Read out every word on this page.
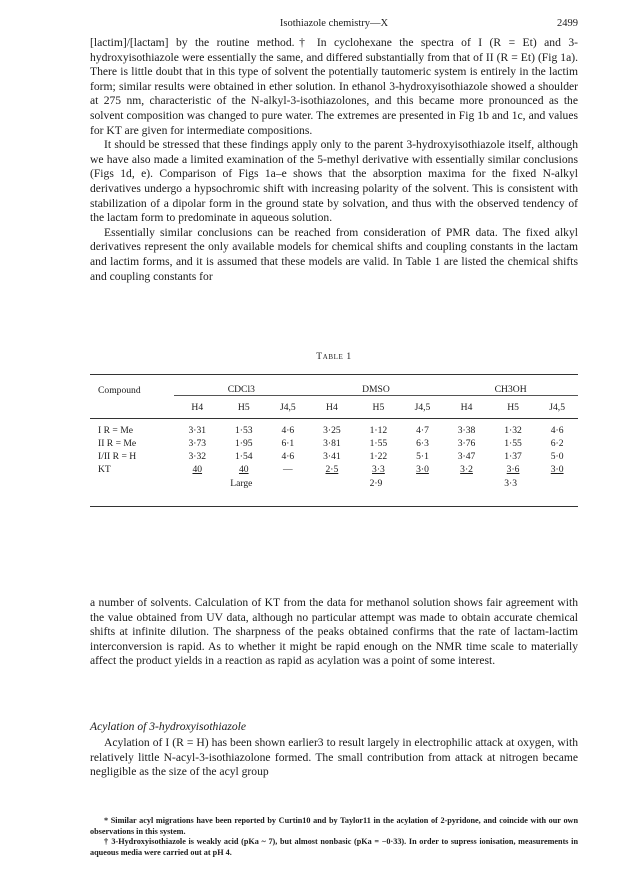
Isothiazole chemistry—X	2499

[lactim]/[lactam] by the routine method.† In cyclohexane the spectra of I (R = Et) and 3-hydroxyisothiazole were essentially the same, and differed substantially from that of II (R = Et) (Fig 1a). There is little doubt that in this type of solvent the potentially tautomeric system is entirely in the lactim form; similar results were obtained in ether solution. In ethanol 3-hydroxyisothiazole showed a shoulder at 275 nm, characteristic of the N-alkyl-3-isothiazolones, and this became more pronounced as the solvent composition was changed to pure water. The extremes are presented in Fig 1b and 1c, and values for KT are given for intermediate compositions.

It should be stressed that these findings apply only to the parent 3-hydroxyisothiazole itself, although we have also made a limited examination of the 5-methyl derivative with essentially similar conclusions (Figs 1d, e). Comparison of Figs 1a–e shows that the absorption maxima for the fixed N-alkyl derivatives undergo a hypsochromic shift with increasing polarity of the solvent. This is consistent with stabilization of a dipolar form in the ground state by solvation, and thus with the observed tendency of the lactam form to predominate in aqueous solution.

Essentially similar conclusions can be reached from consideration of PMR data. The fixed alkyl derivatives represent the only available models for chemical shifts and coupling constants in the lactam and lactim forms, and it is assumed that these models are valid. In Table 1 are listed the chemical shifts and coupling constants for

Table 1
Compound	CDCl3			DMSO			CH3OH		

	H4	H5	J4,5	H4	H5	J4,5	H4	H5	J4,5
I R = Me	3·31	1·53	4·6	3·25	1·12	4·7	3·38	1·32	4·6
II R = Me	3·73	1·95	6·1	3·81	1·55	6·3	3·76	1·55	6·2
I/II R = H	3·32	1·54	4·6	3·41	1·22	5·1	3·47	1·37	5·0
KT	40	40	—	2·5	3·3	3·0	3·2	3·6	3·0
	Large			2·9			3·3		

a number of solvents. Calculation of KT from the data for methanol solution shows fair agreement with the value obtained from UV data, although no particular attempt was made to obtain accurate chemical shifts at infinite dilution. The sharpness of the peaks obtained confirms that the rate of lactam-lactim interconversion is rapid. As to whether it might be rapid enough on the NMR time scale to materially affect the product yields in a reaction as rapid as acylation was a point of some interest.

Acylation of 3-hydroxyisothiazole

Acylation of I (R = H) has been shown earlier3 to result largely in electrophilic attack at oxygen, with relatively little N-acyl-3-isothiazolone formed. The small contribution from attack at nitrogen became negligible as the size of the acyl group

* Similar acyl migrations have been reported by Curtin10 and by Taylor11 in the acylation of 2-pyridone, and coincide with our own observations in this system.

† 3-Hydroxyisothiazole is weakly acid (pKa ~ 7), but almost nonbasic (pKa = −0·33). In order to supress ionisation, measurements in aqueous media were carried out at pH 4.
